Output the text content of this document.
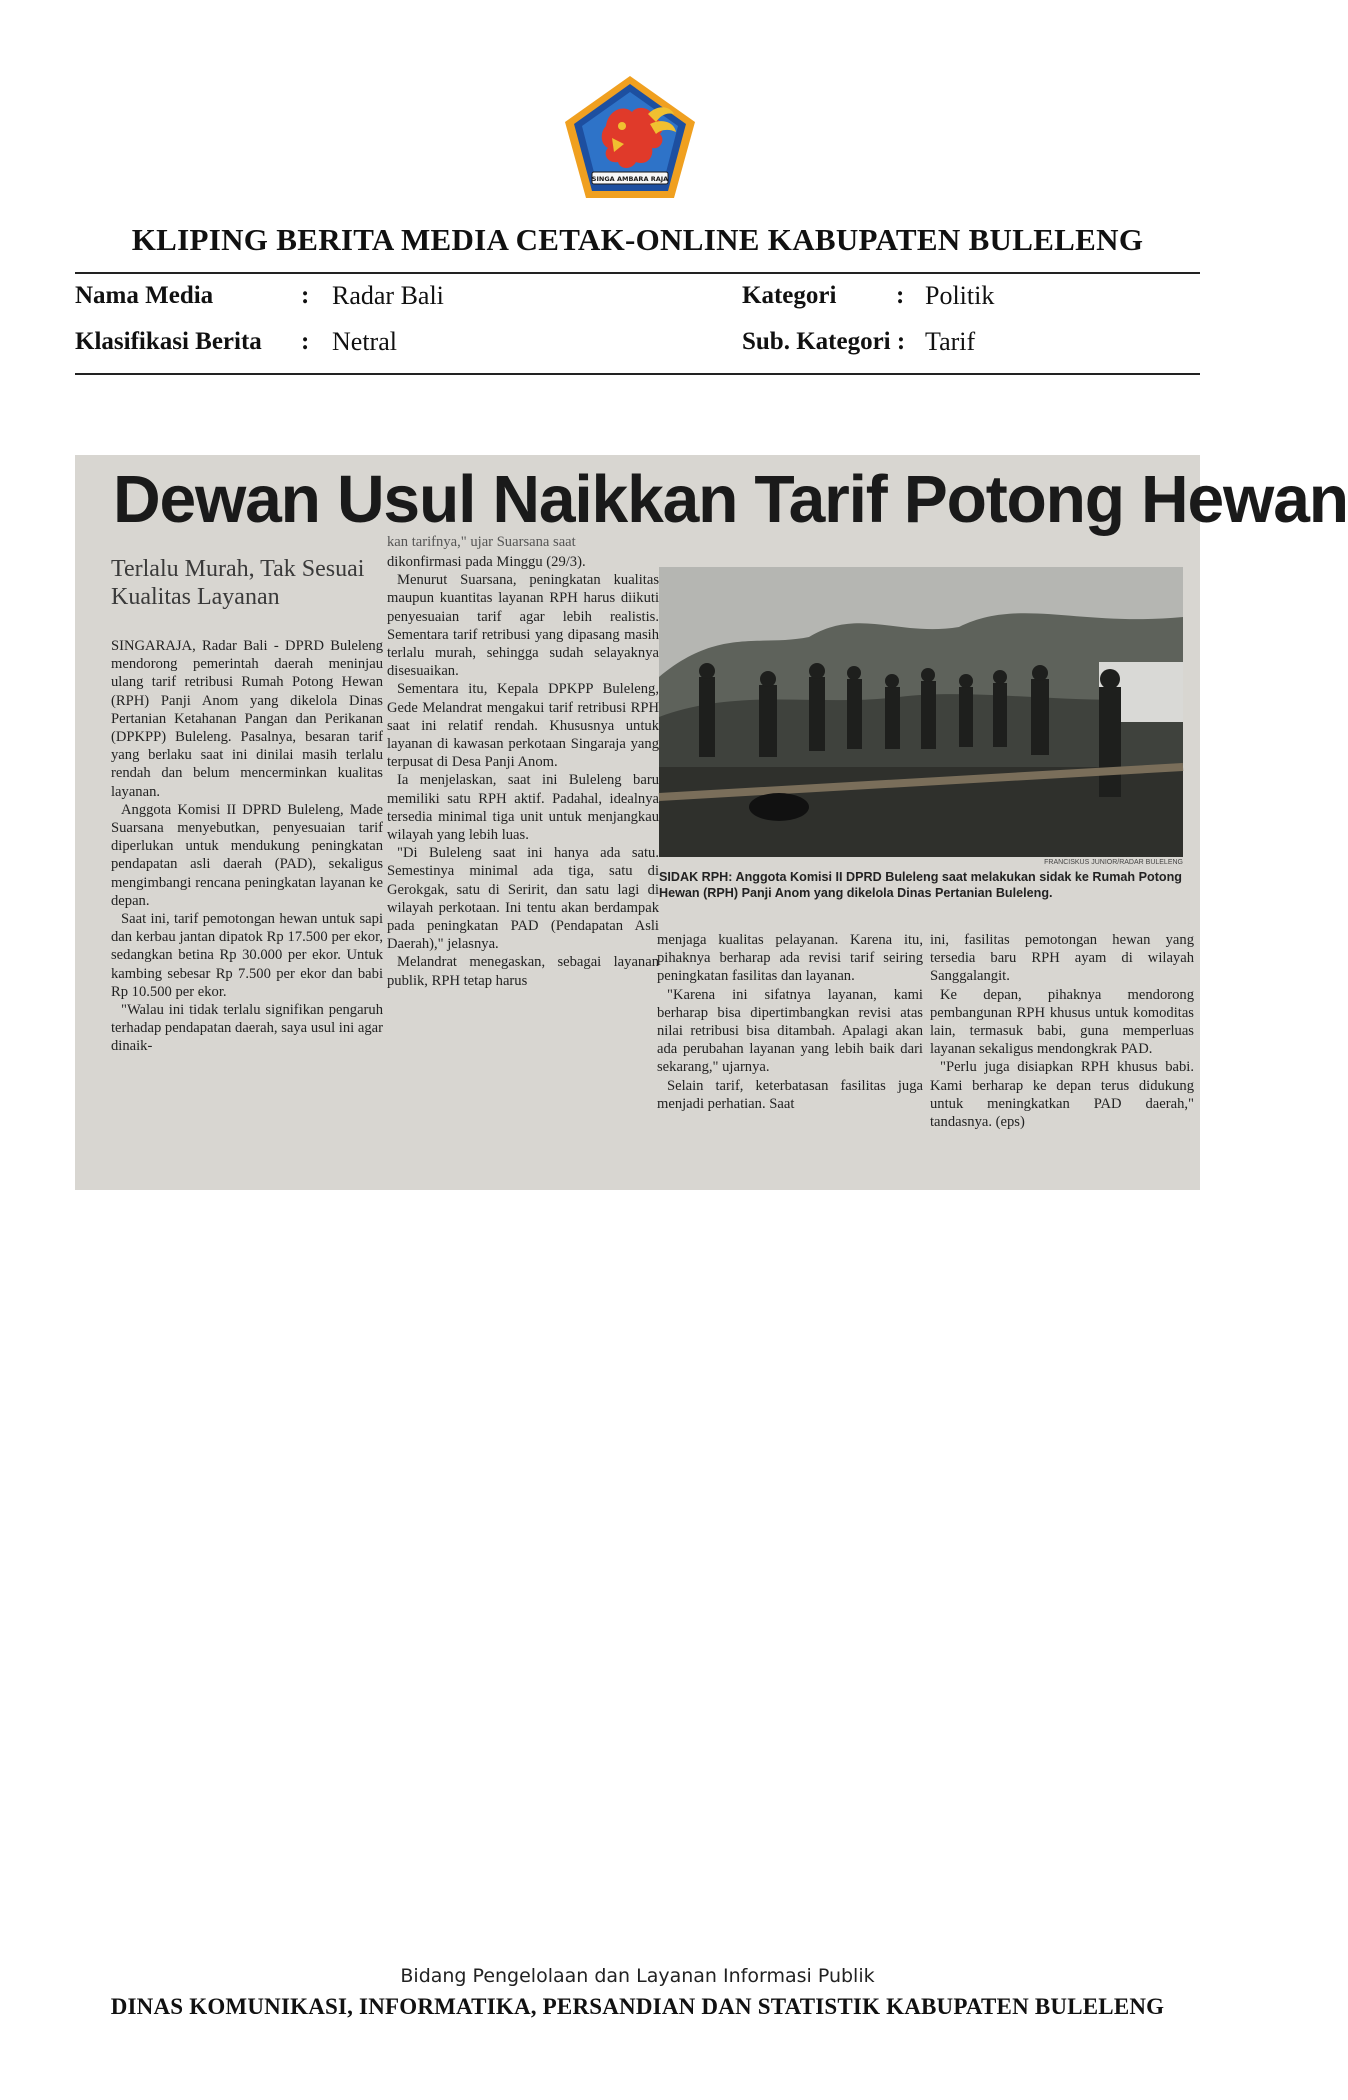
SINGA AMBARA RAJA
KLIPING BERITA MEDIA CETAK-ONLINE KABUPATEN BULELENG
Nama Media	: Radar Bali
Klasifikasi Berita : Netral
Kategori : Politik
Sub. Kategori : Tarif
Dewan Usul Naikkan Tarif Potong Hewan
Terlalu Murah, Tak Sesuai Kualitas Layanan

SINGARAJA, Radar Bali - DPRD Buleleng mendorong pemerintah daerah meninjau ulang tarif retribusi Rumah Potong Hewan (RPH) Panji Anom yang dikelola Dinas Pertanian Ketahanan Pangan dan Perikanan (DPKPP) Buleleng. Pasalnya, besaran tarif yang berlaku saat ini dinilai masih terlalu rendah dan belum mencerminkan kualitas layanan.

Anggota Komisi II DPRD Buleleng, Made Suarsana menyebutkan, penyesuaian tarif diperlukan untuk mendukung peningkatan pendapatan asli daerah (PAD), sekaligus mengimbangi rencana peningkatan layanan ke depan.

Saat ini, tarif pemotongan hewan untuk sapi dan kerbau jantan dipatok Rp 17.500 per ekor, sedangkan betina Rp 30.000 per ekor. Untuk kambing sebesar Rp 7.500 per ekor dan babi Rp 10.500 per ekor.

"Walau ini tidak terlalu signifikan pengaruh terhadap pendapatan daerah, saya usul ini agar dinaik-

kan tarifnya," ujar Suarsana saat

dikonfirmasi pada Minggu (29/3).

Menurut Suarsana, peningkatan kualitas maupun kuantitas layanan RPH harus diikuti penyesuaian tarif agar lebih realistis. Sementara tarif retribusi yang dipasang masih terlalu murah, sehingga sudah selayaknya disesuaikan.

Sementara itu, Kepala DPKPP Buleleng, Gede Melandrat mengakui tarif retribusi RPH saat ini relatif rendah. Khususnya untuk layanan di kawasan perkotaan Singaraja yang terpusat di Desa Panji Anom.

Ia menjelaskan, saat ini Buleleng baru memiliki satu RPH aktif. Padahal, idealnya tersedia minimal tiga unit untuk menjangkau wilayah yang lebih luas.

"Di Buleleng saat ini hanya ada satu. Semestinya minimal ada tiga, satu di Gerokgak, satu di Seririt, dan satu lagi di wilayah perkotaan. Ini tentu akan berdampak pada peningkatan PAD (Pendapatan Asli Daerah)," jelasnya.

Melandrat menegaskan, sebagai layanan publik, RPH tetap harus

FRANCISKUS JUNIOR/RADAR BULELENG
SIDAK RPH: Anggota Komisi II DPRD Buleleng saat melakukan sidak ke Rumah Potong Hewan (RPH) Panji Anom yang dikelola Dinas Pertanian Buleleng.

menjaga kualitas pelayanan. Karena itu, pihaknya berharap ada revisi tarif seiring peningkatan fasilitas dan layanan.

"Karena ini sifatnya layanan, kami berharap bisa dipertimbangkan revisi atas nilai retribusi bisa ditambah. Apalagi akan ada perubahan layanan yang lebih baik dari sekarang," ujarnya.

Selain tarif, keterbatasan fasilitas juga menjadi perhatian. Saat

ini, fasilitas pemotongan hewan yang tersedia baru RPH ayam di wilayah Sanggalangit.

Ke depan, pihaknya mendorong pembangunan RPH khusus untuk komoditas lain, termasuk babi, guna memperluas layanan sekaligus mendongkrak PAD.

"Perlu juga disiapkan RPH khusus babi. Kami berharap ke depan terus didukung untuk meningkatkan PAD daerah," tandasnya. (eps)

Bidang Pengelolaan dan Layanan Informasi Publik
DINAS KOMUNIKASI, INFORMATIKA, PERSANDIAN DAN STATISTIK KABUPATEN BULELENG
